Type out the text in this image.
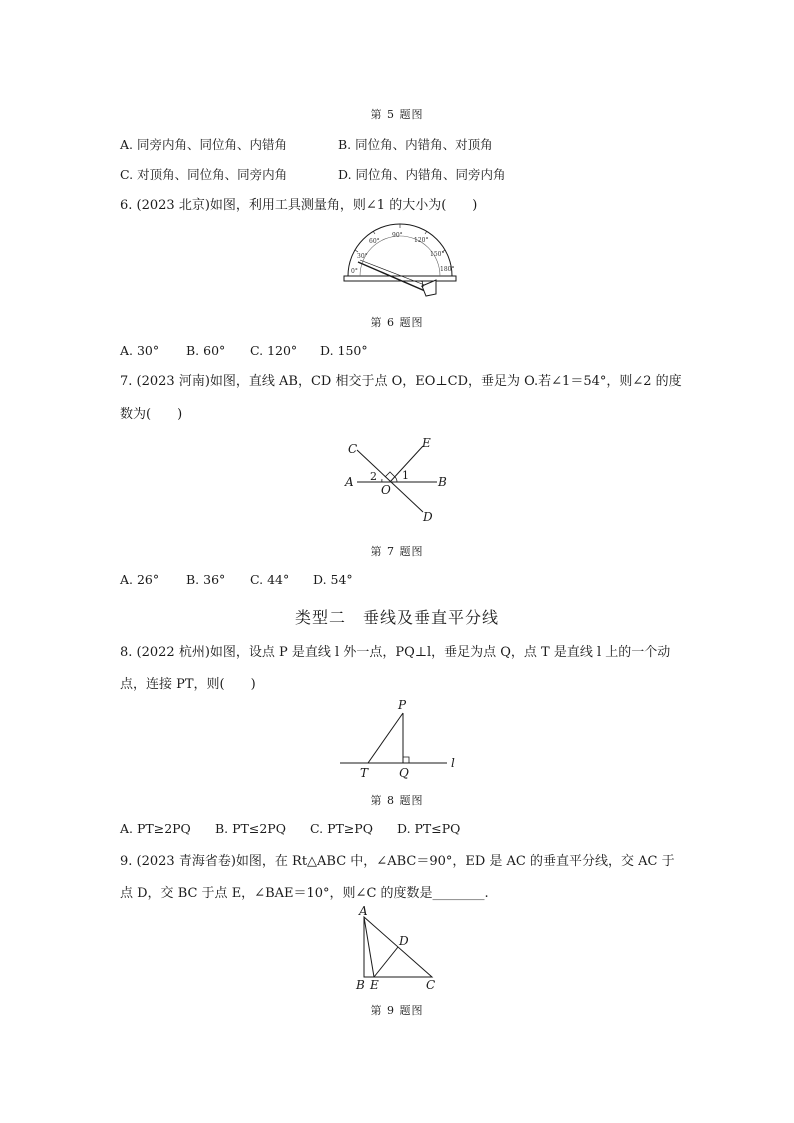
第 5 题图
A. 同旁内角、同位角、内错角	B. 同位角、内错角、对顶角
C. 对顶角、同位角、同旁内角	D. 同位角、内错角、同旁内角
6. (2023 北京)如图，利用工具测量角，则∠1 的大小为(　　)
0°
30°
60°
90°
120°
150°
180°
1
第 6 题图
A. 30° B. 60° C. 120° D. 150°
7. (2023 河南)如图，直线 AB，CD 相交于点 O，EO⊥CD，垂足为 O.若∠1＝54°，则∠2 的度
数为(　　)
C	E
A	B
O
D
2 1
第 7 题图
A. 26° B. 36° C. 44° D. 54°
类型二　垂线及垂直平分线
8. (2022 杭州)如图，设点 P 是直线 l 外一点，PQ⊥l，垂足为点 Q，点 T 是直线 l 上的一个动
点，连接 PT，则(　　)
P
T	Q
l
第 8 题图
A. PT≥2PQ B. PT≤2PQ C. PT≥PQ D. PT≤PQ
9. (2023 青海省卷)如图，在 Rt△ABC 中，∠ABC＝90°，ED 是 AC 的垂直平分线，交 AC 于
点 D，交 BC 于点 E，∠BAE＝10°，则∠C 的度数是________.
A
D
B E	C
第 9 题图
